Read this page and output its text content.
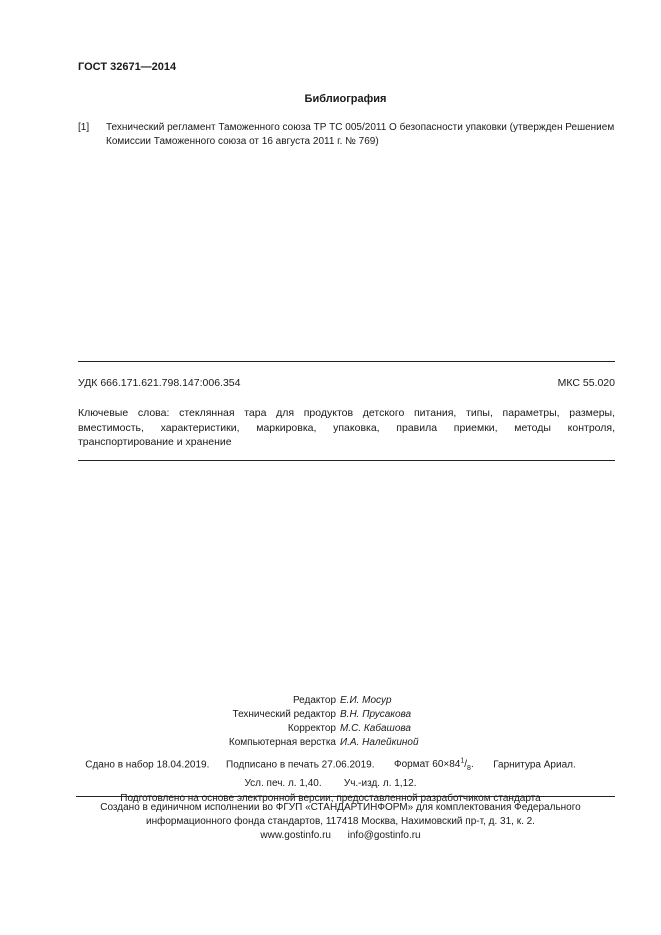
ГОСТ 32671—2014
Библиография
[1]	Технический регламент Таможенного союза ТР ТС 005/2011 О безопасности упаковки (утвержден Решением Комиссии Таможенного союза от 16 августа 2011 г. № 769)
УДК 666.171.621.798.147:006.354	МКС 55.020
Ключевые слова: стеклянная тара для продуктов детского питания, типы, параметры, размеры, вместимость, характеристики, маркировка, упаковка, правила приемки, методы контроля, транспортирование и хранение
Редактор Е.И. Мосур
Технический редактор В.Н. Прусакова
Корректор М.С. Кабашова
Компьютерная верстка И.А. Налейкиной
Сдано в набор 18.04.2019. Подписано в печать 27.06.2019. Формат $60\times 84^1/_8$. Гарнитура Ариал.
Усл. печ. л. 1,40. Уч.-изд. л. 1,12.
Подготовлено на основе электронной версии, предоставленной разработчиком стандарта
Создано в единичном исполнении во ФГУП «СТАНДАРТИНФОРМ» для комплектования Федерального
информационного фонда стандартов, 117418 Москва, Нахимовский пр-т, д. 31, к. 2.
www.gostinfo.ru info@gostinfo.ru
